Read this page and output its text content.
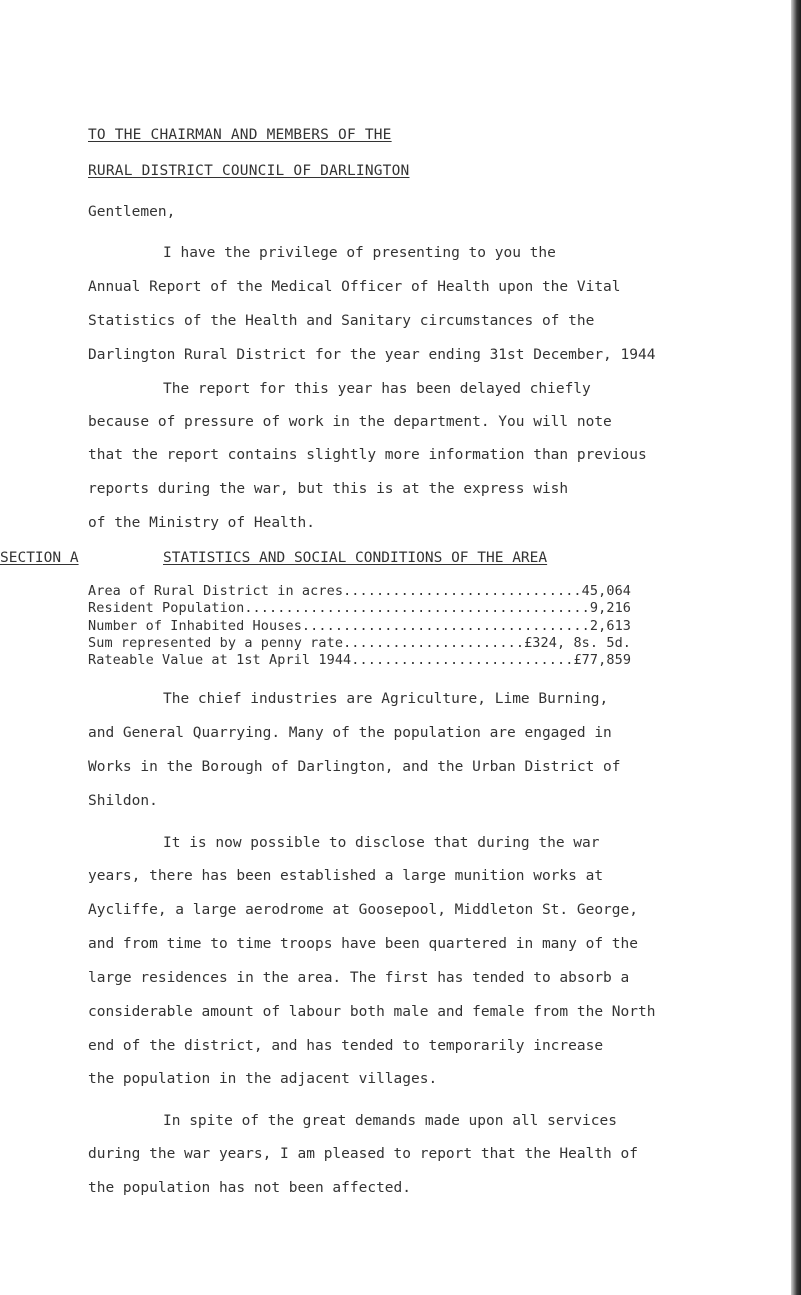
TO THE CHAIRMAN AND MEMBERS OF THE
RURAL DISTRICT COUNCIL OF DARLINGTON
Gentlemen,
I have the privilege of presenting to you the
Annual Report of the Medical Officer of Health upon the Vital
Statistics of the Health and Sanitary circumstances of the
Darlington Rural District for the year ending 31st December, 1944
The report for this year has been delayed chiefly
because of pressure of work in the department. You will note
that the report contains slightly more information than previous
reports during the war, but this is at the express wish
of the Ministry of Health.
SECTION A	STATISTICS AND SOCIAL CONDITIONS OF THE AREA
Area of Rural District in acres.............................45,064
Resident Population..........................................9,216
Number of Inhabited Houses...................................2,613
Sum represented by a penny rate......................£324, 8s. 5d.
Rateable Value at 1st April 1944...........................£77,859
The chief industries are Agriculture, Lime Burning,
and General Quarrying. Many of the population are engaged in
Works in the Borough of Darlington, and the Urban District of
Shildon.
It is now possible to disclose that during the war
years, there has been established a large munition works at
Aycliffe, a large aerodrome at Goosepool, Middleton St. George,
and from time to time troops have been quartered in many of the
large residences in the area. The first has tended to absorb a
considerable amount of labour both male and female from the North
end of the district, and has tended to temporarily increase
the population in the adjacent villages.
In spite of the great demands made upon all services
during the war years, I am pleased to report that the Health of
the population has not been affected.
